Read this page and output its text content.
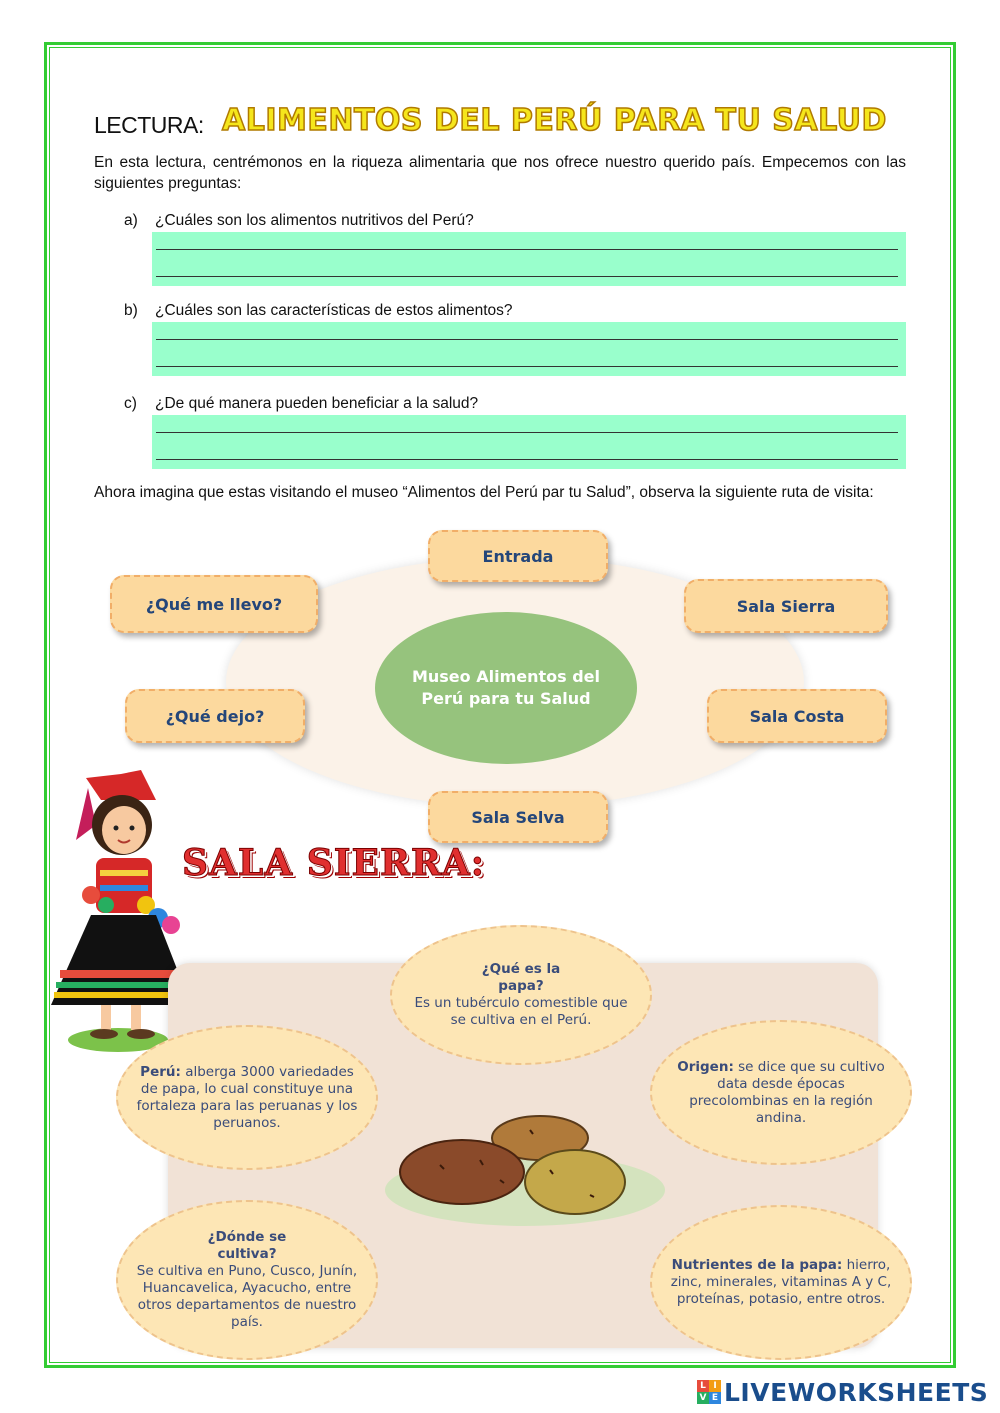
LECTURA: ALIMENTOS DEL PERÚ PARA TU SALUD
En esta lectura, centrémonos en la riqueza alimentaria que nos ofrece nuestro querido país. Empecemos con las siguientes preguntas:
a) ¿Cuáles son los alimentos nutritivos del Perú?
b) ¿Cuáles son las características de estos alimentos?
c) ¿De qué manera pueden beneficiar a la salud?
Ahora imagina que estas visitando el museo “Alimentos del Perú par tu Salud”, observa la siguiente ruta de visita:
Museo Alimentos del Perú para tu Salud
Entrada
¿Qué me llevo?	Sala Sierra
¿Qué dejo?	Sala Costa
Sala Selva
SALA SIERRA:
¿Qué es la papa?
Es un tubérculo comestible que se cultiva en el Perú.
Perú: alberga 3000 variedades de papa, lo cual constituye una fortaleza para las peruanas y los peruanos.
Origen: se dice que su cultivo data desde épocas precolombinas en la región andina.
¿Dónde se cultiva?
Se cultiva en Puno, Cusco, Junín, Huancavelica, Ayacucho, entre otros departamentos de nuestro país.
Nutrientes de la papa: hierro, zinc, minerales, vitaminas A y C, proteínas, potasio, entre otros.
L I
V E LIVEWORKSHEETS
